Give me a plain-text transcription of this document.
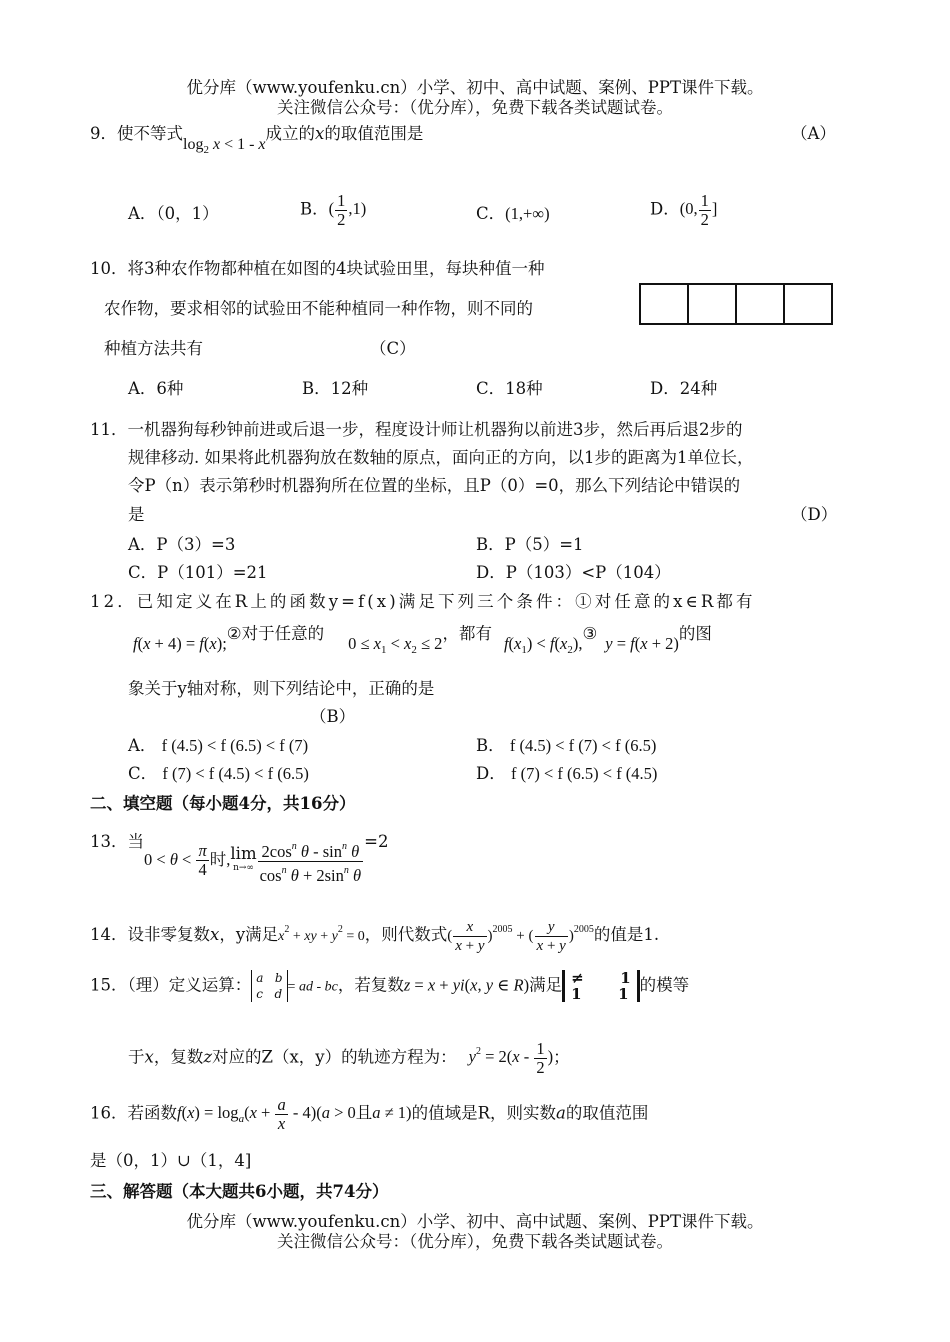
优分库（www.youfenku.cn）小学、初中、高中试题、案例、PPT课件下载。
关注微信公众号：（优分库），免费下载各类试题试卷。
9．使不等式$\log_2 x < 1 - x$成立的x的取值范围是	（A）
A．（0，1）	B．( $\frac{1}{2} ,1$)	C．(1,+∞)	D．(0, $\frac{1}{2}$ ]
10．将3种农作物都种植在如图的4块试验田里，每块种值一种
农作物，要求相邻的试验田不能种植同一种作物，则不同的
种植方法共有	（C）
A．6种	B．12种	C．18种	D．24种
11．一机器狗每秒钟前进或后退一步，程度设计师让机器狗以前进3步，然后再后退2步的
规律移动. 如果将此机器狗放在数轴的原点，面向正的方向，以1步的距离为1单位长，
令P（n）表示第秒时机器狗所在位置的坐标，且P（0）=0，那么下列结论中错误的
是	（D）
A．P（3）=3	B．P（5）=1
C．P（101）=21	D．P（103）<P（104）
12．已知定义在R上的函数y=f(x)满足下列三个条件：①对任意的x∈R都有
f(x + 4) = f(x);②对于任意的$0 \le x_1 < x_2 \le 2$，都有$f(x_1)$ < $f(x_2),③y = f(x + 2)$的图
象关于y轴对称，则下列结论中，正确的是
（B）
A． f (4.5) < f (6.5) < f (7)	B． f (4.5) < f (7) < f (6.5)
C． f (7) < f (4.5) < f (6.5)	D． f (7) < f (6.5) < f (4.5)
二、填空题（每小题4分，共16分）
13．当$0 < \theta < \frac{\pi}{4}$ 时,lim
$n\to\infty \frac{2\cos^n \theta - \sin^n \theta}{\cos^n \theta + 2\sin^n \theta} =2$
14．设非零复数x，y满足$x^2$ + xy + $y^2 = 0$，则代数式( $\frac{x}{x + y} )^{2005}$ + ( $\frac{y}{x + y} )^{2005}$的值是1.
15．（理）定义运算： a b
c d = ad - bc，若复数z = x + yi(x, y ∈ R)满足 ≠       1
1       1 的模等
于x，复数z对应的Z（x，y）的轨迹方程为： $y^2 = 2(x - \frac{1}{2}$ )；
16．若函数$f(x) = \log_a(x + \frac{a}{x} - 4)(a > 0$且a ≠ 1)的值域是R，则实数a的取值范围
是（0，1）∪（1，4]
三、解答题（本大题共6小题，共74分）
优分库（www.youfenku.cn）小学、初中、高中试题、案例、PPT课件下载。
关注微信公众号：（优分库），免费下载各类试题试卷。
